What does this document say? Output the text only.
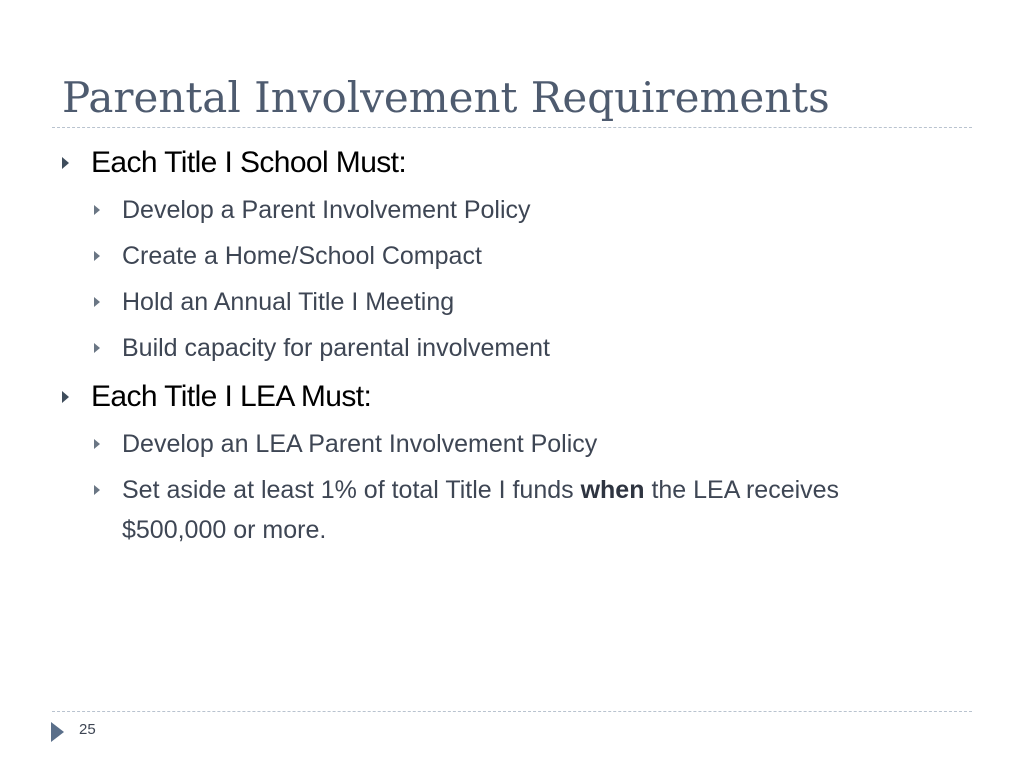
Parental Involvement Requirements
Each Title I School Must:
Develop a Parent Involvement Policy
Create a Home/School Compact
Hold an Annual Title I Meeting
Build capacity for parental involvement
Each Title I LEA Must:
Develop an LEA Parent Involvement Policy
Set aside at least 1% of total Title I funds when the LEA receives $500,000 or more.
25
